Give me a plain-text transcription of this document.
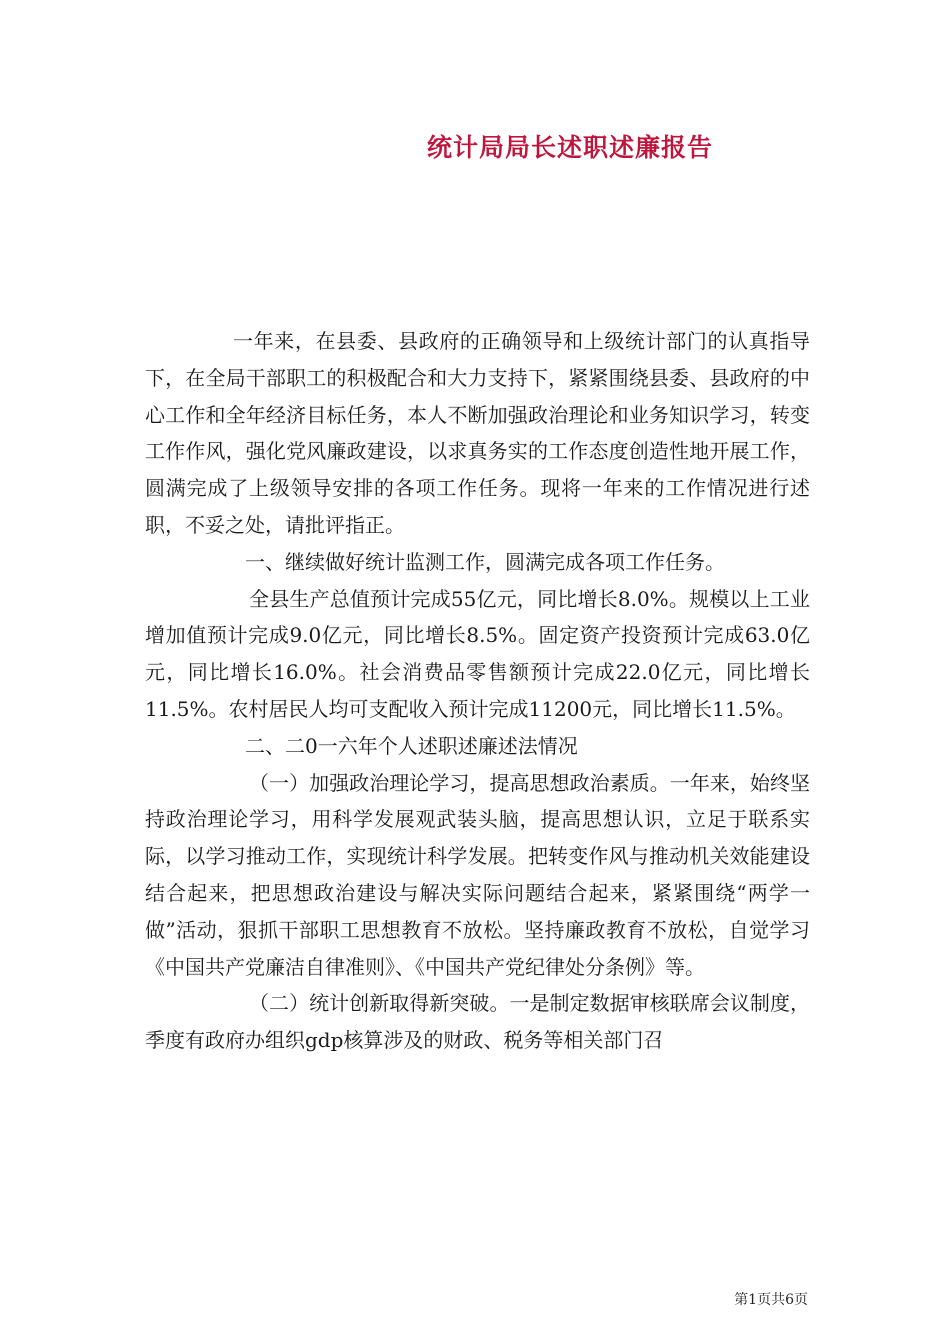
统计局局长述职述廉报告

一年来，在县委、县政府的正确领导和上级统计部门的认真指导下，在全局干部职工的积极配合和大力支持下，紧紧围绕县委、县政府的中心工作和全年经济目标任务，本人不断加强政治理论和业务知识学习，转变工作作风，强化党风廉政建设，以求真务实的工作态度创造性地开展工作，圆满完成了上级领导安排的各项工作任务。现将一年来的工作情况进行述职，不妥之处，请批评指正。

一、继续做好统计监测工作，圆满完成各项工作任务。

全县生产总值预计完成55亿元，同比增长8.0%。规模以上工业增加值预计完成9.0亿元，同比增长8.5%。固定资产投资预计完成63.0亿元，同比增长16.0%。社会消费品零售额预计完成22.0亿元，同比增长11.5%。农村居民人均可支配收入预计完成11200元，同比增长11.5%。

二、二0一六年个人述职述廉述法情况

（一）加强政治理论学习，提高思想政治素质。一年来，始终坚持政治理论学习，用科学发展观武装头脑，提高思想认识，立足于联系实际，以学习推动工作，实现统计科学发展。把转变作风与推动机关效能建设结合起来，把思想政治建设与解决实际问题结合起来，紧紧围绕“两学一做”活动，狠抓干部职工思想教育不放松。坚持廉政教育不放松，自觉学习《中国共产党廉洁自律准则》、《中国共产党纪律处分条例》等。

（二）统计创新取得新突破。一是制定数据审核联席会议制度，季度有政府办组织gdp核算涉及的财政、税务等相关部门召

第1页共6页
